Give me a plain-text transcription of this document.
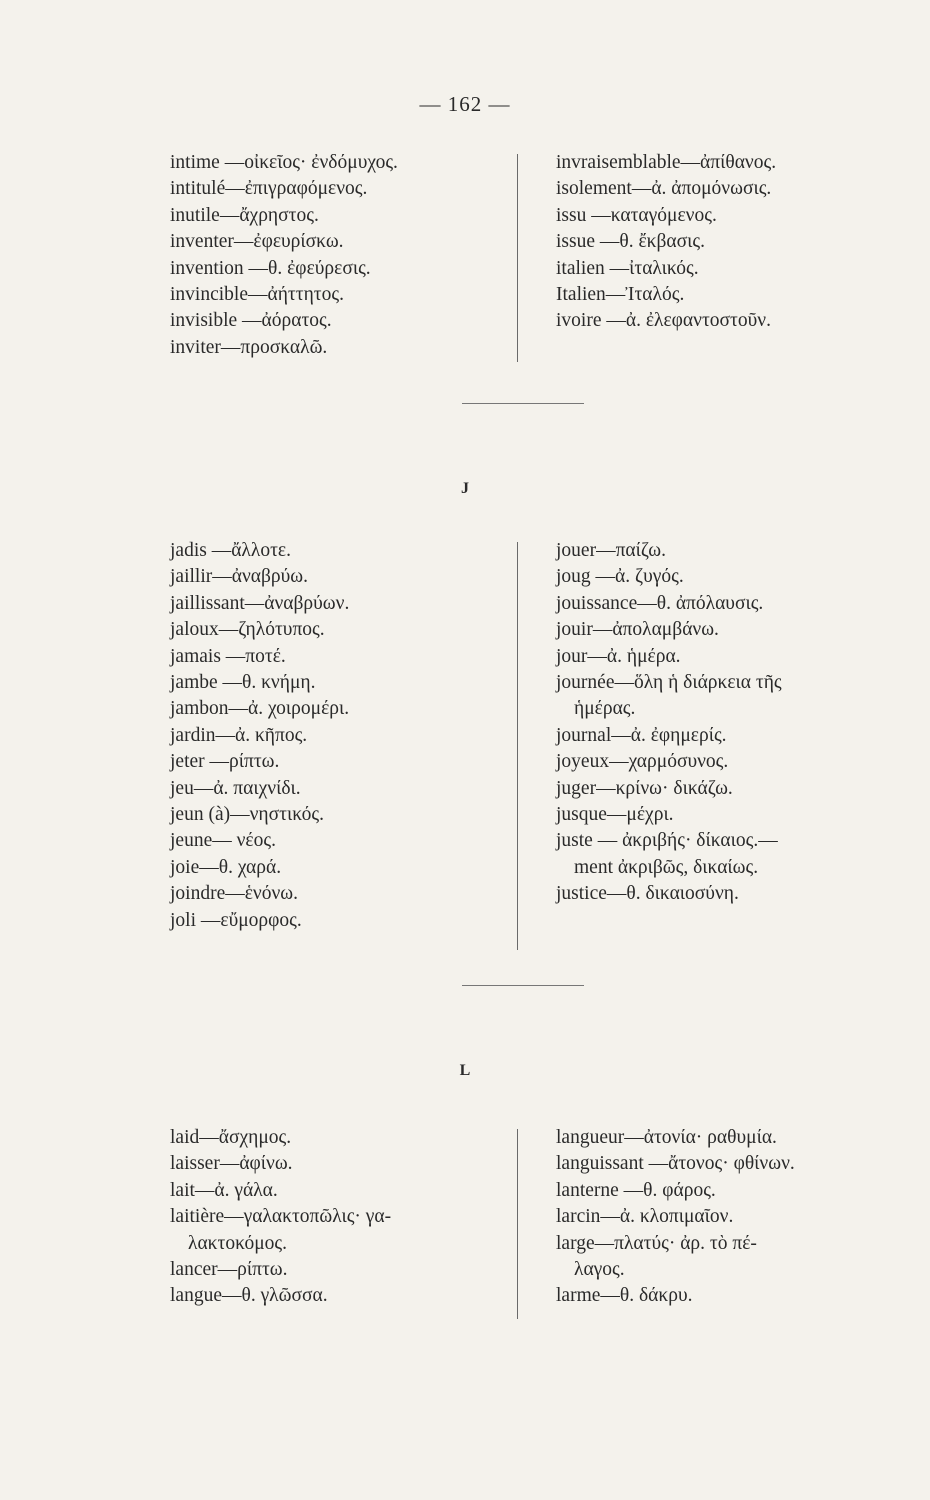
— 162 —
intime —οἰκεῖος· ἐνδόμυχος.
intitulé—ἐπιγραφόμενος.
inutile—ἄχρηστος.
inventer—ἐφευρίσκω.
invention —θ. ἐφεύρεσις.
invincible—ἀήττητος.
invisible —ἀόρατος.
inviter—προσκαλῶ.
invraisemblable—ἀπίθανος.
isolement—ἀ. ἀπομόνωσις.
issu —καταγόμενος.
issue —θ. ἔκβασις.
italien —ἰταλικός.
Italien—Ἰταλός.
ivoire —ἀ. ἐλεφαντοστοῦν.
J
jadis —ἄλλοτε.
jaillir—ἀναβρύω.
jaillissant—ἀναβρύων.
jaloux—ζηλότυπος.
jamais —ποτέ.
jambe —θ. κνήμη.
jambon—ἀ. χοιρομέρι.
jardin—ἀ. κῆπος.
jeter —ρίπτω.
jeu—ἀ. παιχνίδι.
jeun (à)—νηστικός.
jeune— νέος.
joie—θ. χαρά.
joindre—ἑνόνω.
joli —εὔμορφος.
jouer—παίζω.
joug —ἀ. ζυγός.
jouissance—θ. ἀπόλαυσις.
jouir—ἀπολαμβάνω.
jour—ἀ. ἡμέρα.
journée—ὅλη ἡ διάρκεια τῆς
ἡμέρας.
journal—ἀ. ἐφημερίς.
joyeux—χαρμόσυνος.
juger—κρίνω· δικάζω.
jusque—μέχρι.
juste — ἀκριβής· δίκαιος.—
ment ἀκριβῶς, δικαίως.
justice—θ. δικαιοσύνη.
L
laid—ἄσχημος.
laisser—ἀφίνω.
lait—ἀ. γάλα.
laitière—γαλακτοπῶλις· γα-
λακτοκόμος.
lancer—ρίπτω.
langue—θ. γλῶσσα.
langueur—ἀτονία· ραθυμία.
languissant —ἄτονος· φθίνων.
lanterne —θ. φάρος.
larcin—ἀ. κλοπιμαῖον.
large—πλατύς· ἀρ. τὸ πέ-
λαγος.
larme—θ. δάκρυ.
